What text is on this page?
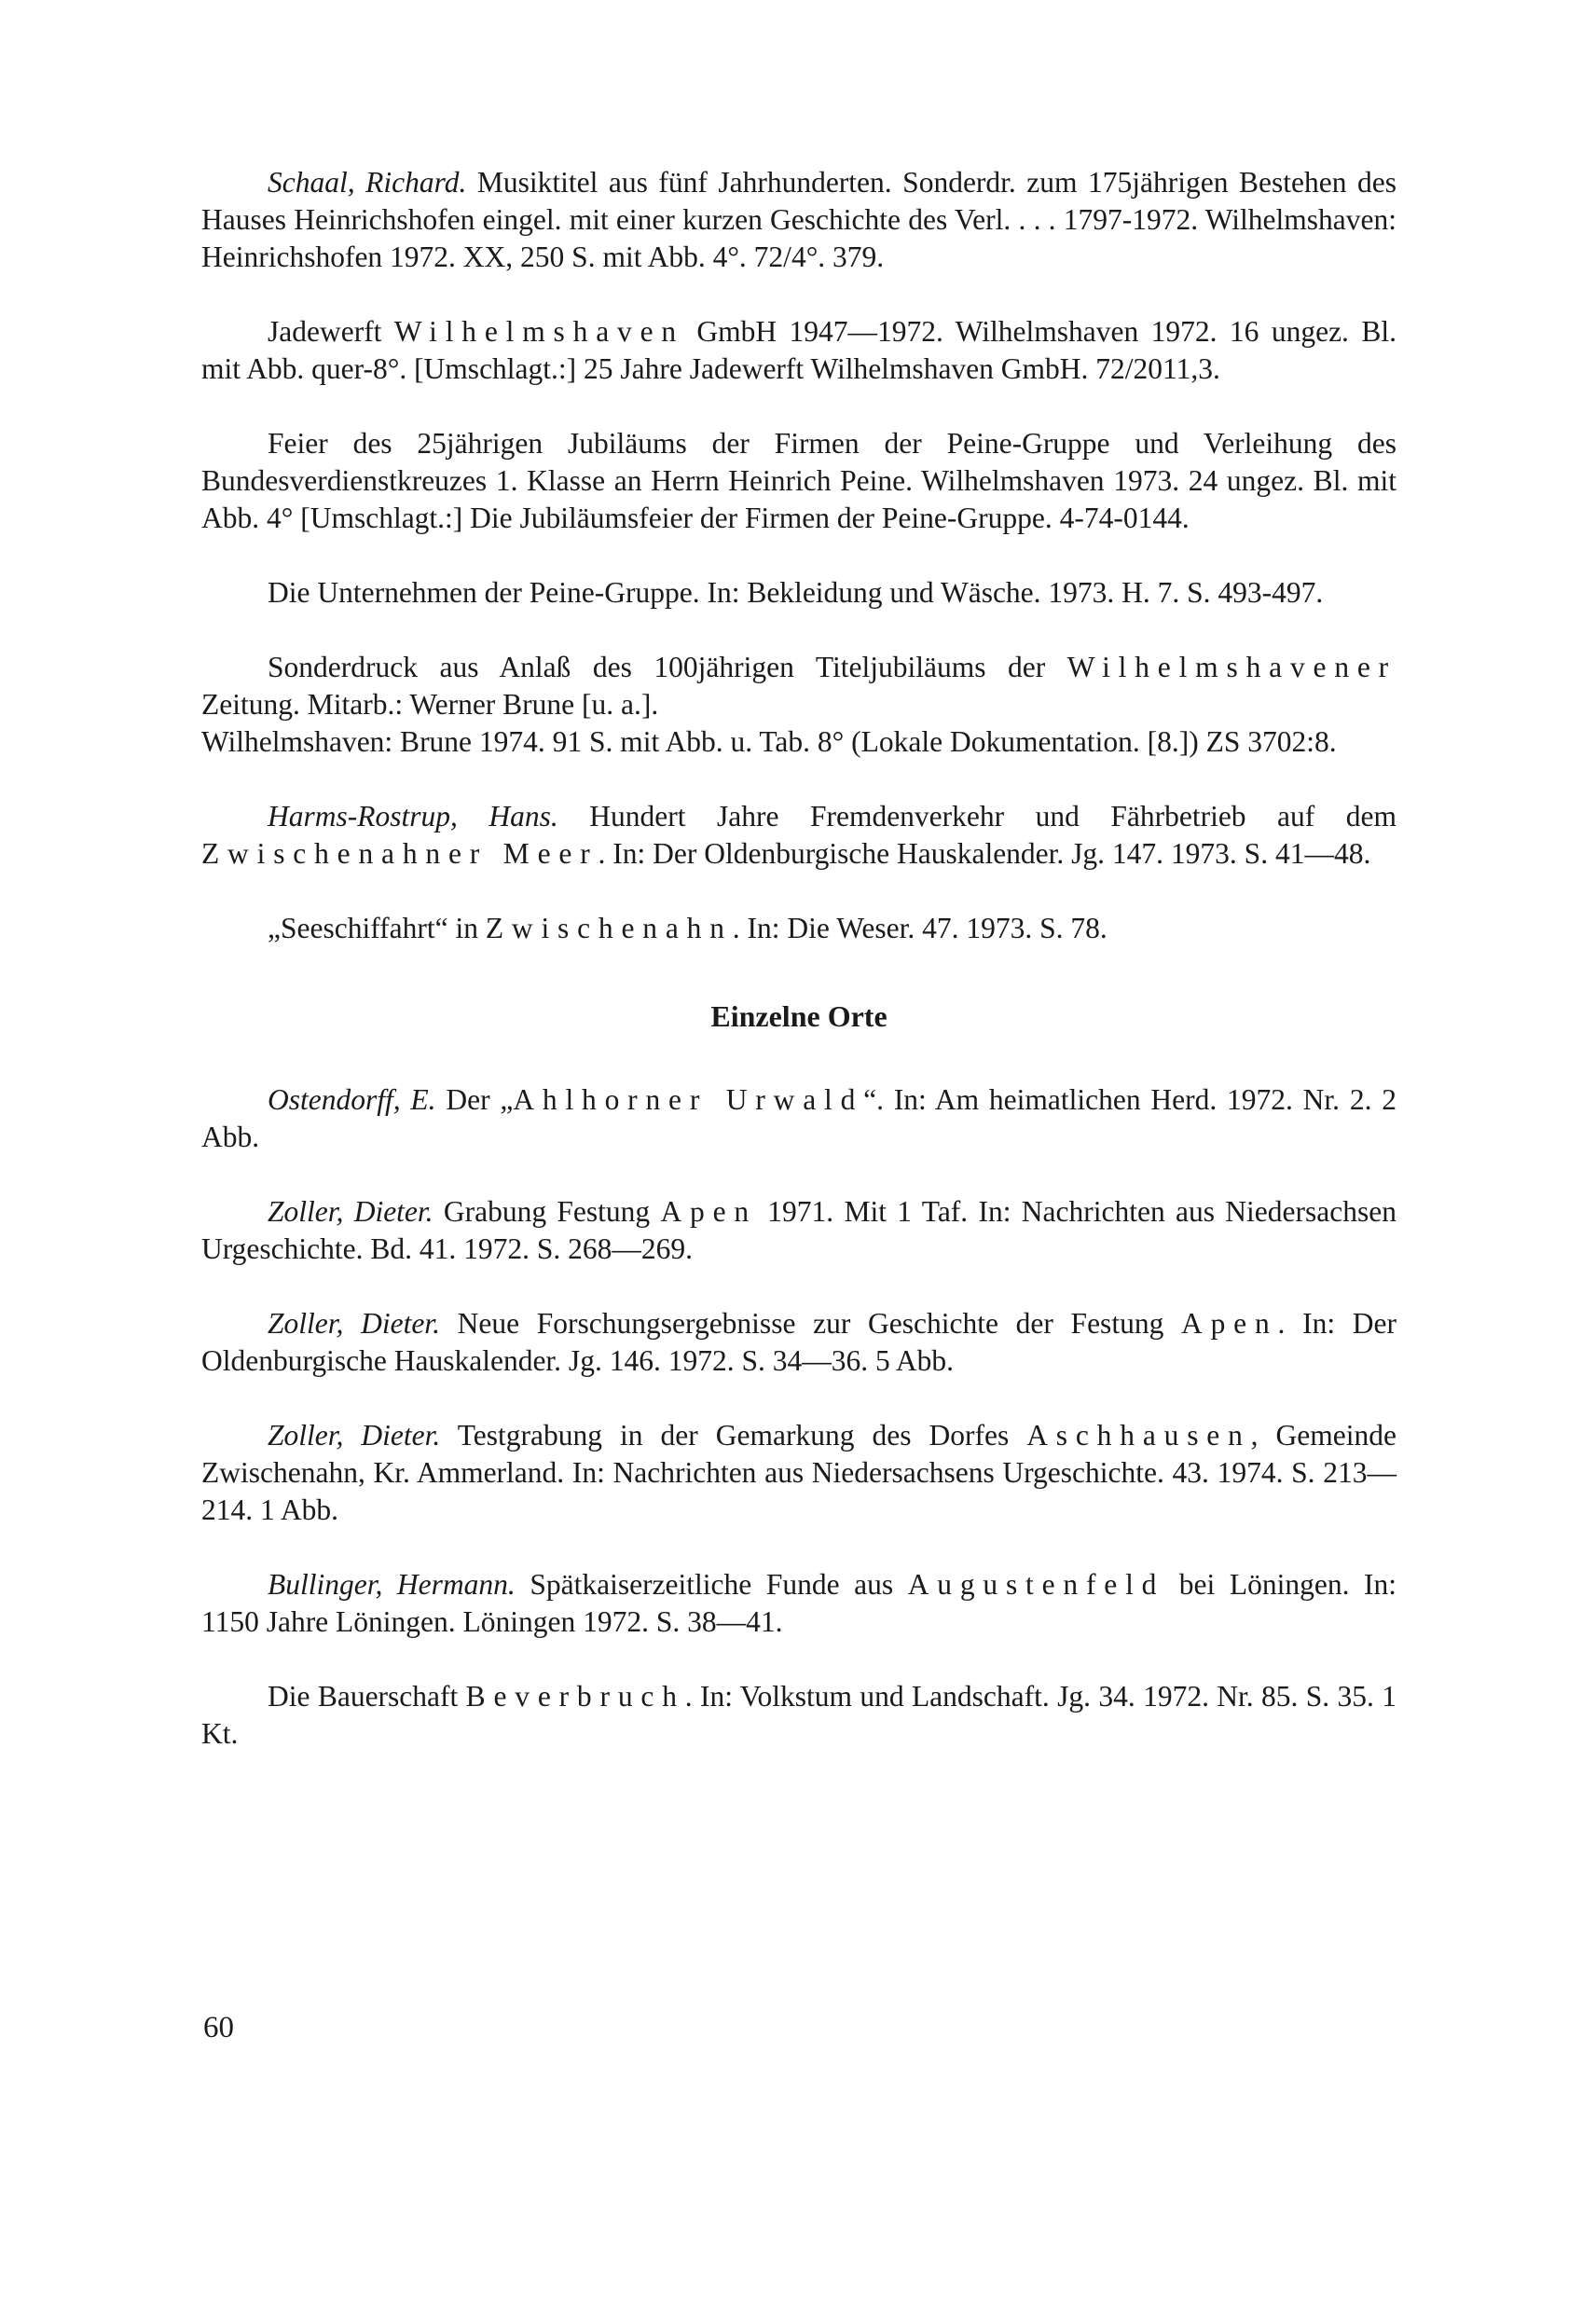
Schaal, Richard. Musiktitel aus fünf Jahrhunderten. Sonderdr. zum 175jährigen Bestehen des Hauses Heinrichshofen eingel. mit einer kurzen Geschichte des Verl. . . . 1797-1972. Wilhelmshaven: Heinrichshofen 1972. XX, 250 S. mit Abb. 4°. 72/4°. 379.

Jadewerft Wilhelmshaven GmbH 1947—1972. Wilhelmshaven 1972. 16 ungez. Bl. mit Abb. quer-8°. [Umschlagt.:] 25 Jahre Jadewerft Wilhelmshaven GmbH. 72/2011,3.

Feier des 25jährigen Jubiläums der Firmen der Peine-Gruppe und Verleihung des Bundesverdienstkreuzes 1. Klasse an Herrn Heinrich Peine. Wilhelmshaven 1973. 24 ungez. Bl. mit Abb. 4° [Umschlagt.:] Die Jubiläumsfeier der Firmen der Peine-Gruppe. 4-74-0144.

Die Unternehmen der Peine-Gruppe. In: Bekleidung und Wäsche. 1973. H. 7. S. 493-497.

Sonderdruck aus Anlaß des 100jährigen Titeljubiläums der Wilhelmshavener Zeitung. Mitarb.: Werner Brune [u. a.].
Wilhelmshaven: Brune 1974. 91 S. mit Abb. u. Tab. 8° (Lokale Dokumentation. [8.]) ZS 3702:8.

Harms-Rostrup, Hans. Hundert Jahre Fremdenverkehr und Fährbetrieb auf dem Zwischenahner Meer. In: Der Oldenburgische Hauskalender. Jg. 147. 1973. S. 41—48.

„Seeschiffahrt“ in Zwischenahn. In: Die Weser. 47. 1973. S. 78.

Einzelne Orte

Ostendorff, E. Der „Ahlhorner Urwald“. In: Am heimatlichen Herd. 1972. Nr. 2. 2 Abb.

Zoller, Dieter. Grabung Festung Apen 1971. Mit 1 Taf. In: Nachrichten aus Niedersachsen Urgeschichte. Bd. 41. 1972. S. 268—269.

Zoller, Dieter. Neue Forschungsergebnisse zur Geschichte der Festung Apen. In: Der Oldenburgische Hauskalender. Jg. 146. 1972. S. 34—36. 5 Abb.

Zoller, Dieter. Testgrabung in der Gemarkung des Dorfes Aschhausen, Gemeinde Zwischenahn, Kr. Ammerland. In: Nachrichten aus Niedersachsens Urgeschichte. 43. 1974. S. 213—214. 1 Abb.

Bullinger, Hermann. Spätkaiserzeitliche Funde aus Augustenfeld bei Löningen. In: 1150 Jahre Löningen. Löningen 1972. S. 38—41.

Die Bauerschaft Beverbruch. In: Volkstum und Landschaft. Jg. 34. 1972. Nr. 85. S. 35. 1 Kt.

60
